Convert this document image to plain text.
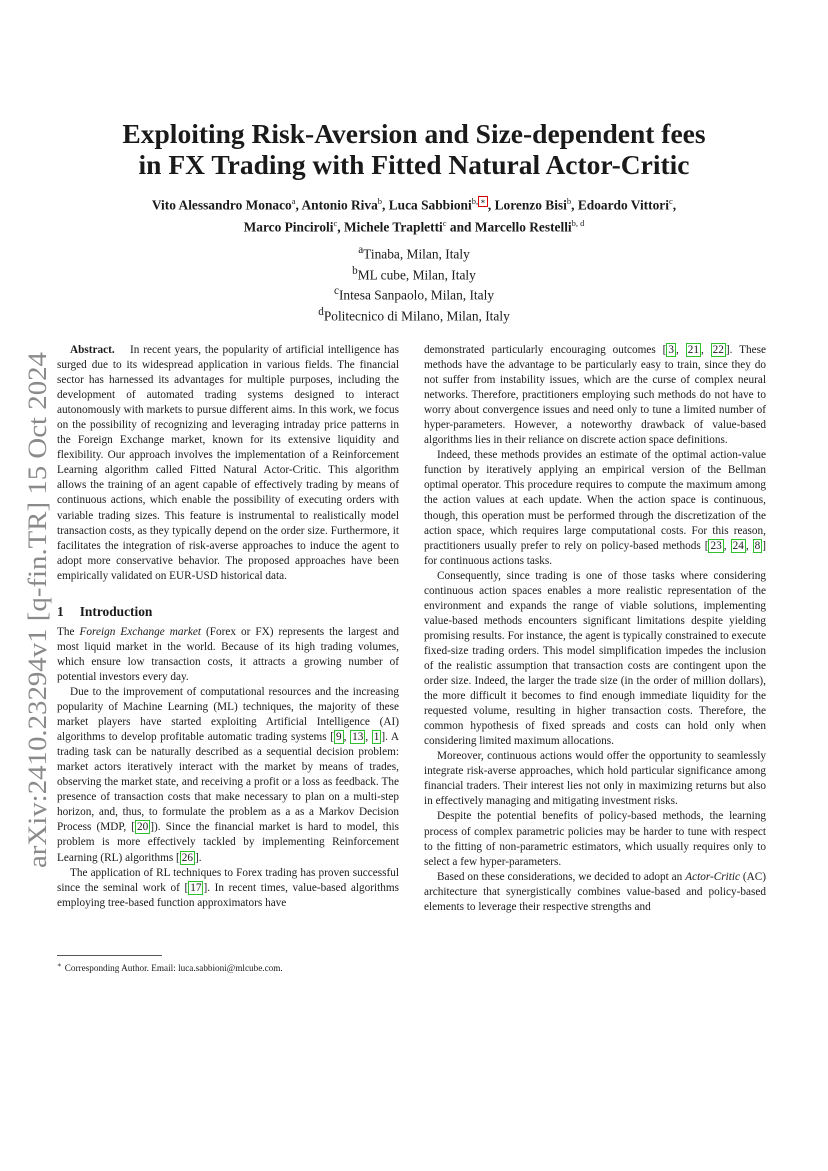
arXiv:2410.23294v1 [q-fin.TR] 15 Oct 2024
Exploiting Risk-Aversion and Size-dependent fees
in FX Trading with Fitted Natural Actor-Critic
Vito Alessandro Monaco$^a$, Antonio Riva$^b$, Luca Sabbioni$^{b,}$ ∗ , Lorenzo Bisi$^b$, Edoardo Vittori$^c$,
Marco Pinciroli$^c$, Michele Trapletti$^c$ and Marcello Restelli$^{b, d}$
$^a$Tinaba, Milan, Italy
$^b$ML cube, Milan, Italy
$^c$Intesa Sanpaolo, Milan, Italy
$^d$Politecnico di Milano, Milan, Italy

Abstract. In recent years, the popularity of artificial intelligence has surged due to its widespread application in various fields. The financial sector has harnessed its advantages for multiple purposes, including the development of automated trading systems designed to interact autonomously with markets to pursue different aims. In this work, we focus on the possibility of recognizing and leveraging intraday price patterns in the Foreign Exchange market, known for its extensive liquidity and flexibility. Our approach involves the implementation of a Reinforcement Learning algorithm called Fitted Natural Actor-Critic. This algorithm allows the training of an agent capable of effectively trading by means of continuous actions, which enable the possibility of executing orders with variable trading sizes. This feature is instrumental to realistically model transaction costs, as they typically depend on the order size. Furthermore, it facilitates the integration of risk-averse approaches to induce the agent to adopt more conservative behavior. The proposed approaches have been empirically validated on EUR-USD historical data.

1 Introduction

The Foreign Exchange market (Forex or FX) represents the largest and most liquid market in the world. Because of its high trading volumes, which ensure low transaction costs, it attracts a growing number of potential investors every day.

Due to the improvement of computational resources and the increasing popularity of Machine Learning (ML) techniques, the majority of these market players have started exploiting Artificial Intelligence (AI) algorithms to develop profitable automatic trading systems [ 9 , 13 , 1 ]. A trading task can be naturally described as a sequential decision problem: market actors iteratively interact with the market by means of trades, observing the market state, and receiving a profit or a loss as feedback. The presence of transaction costs that make necessary to plan on a multi-step horizon, and, thus, to formulate the problem as a as a Markov Decision Process (MDP, [ 20 ]). Since the financial market is hard to model, this problem is more effectively tackled by implementing Reinforcement Learning (RL) algorithms [ 26 ].

The application of RL techniques to Forex trading has proven successful since the seminal work of [ 17 ]. In recent times, value-based algorithms employing tree-based function approximators have

demonstrated particularly encouraging outcomes [ 3 , 21 , 22 ]. These methods have the advantage to be particularly easy to train, since they do not suffer from instability issues, which are the curse of complex neural networks. Therefore, practitioners employing such methods do not have to worry about convergence issues and need only to tune a limited number of hyper-parameters. However, a noteworthy drawback of value-based algorithms lies in their reliance on discrete action space definitions.

Indeed, these methods provides an estimate of the optimal action-value function by iteratively applying an empirical version of the Bellman optimal operator. This procedure requires to compute the maximum among the action values at each update. When the action space is continuous, though, this operation must be performed through the discretization of the action space, which requires large computational costs. For this reason, practitioners usually prefer to rely on policy-based methods [ 23 , 24 , 8 ] for continuous actions tasks.

Consequently, since trading is one of those tasks where considering continuous action spaces enables a more realistic representation of the environment and expands the range of viable solutions, implementing value-based methods encounters significant limitations despite yielding promising results. For instance, the agent is typically constrained to execute fixed-size trading orders. This model simplification impedes the inclusion of the realistic assumption that transaction costs are contingent upon the order size. Indeed, the larger the trade size (in the order of million dollars), the more difficult it becomes to find enough immediate liquidity for the requested volume, resulting in higher transaction costs. Therefore, the common hypothesis of fixed spreads and costs can hold only when considering limited maximum allocations.

Moreover, continuous actions would offer the opportunity to seamlessly integrate risk-averse approaches, which hold particular significance among financial traders. Their interest lies not only in maximizing returns but also in effectively managing and mitigating investment risks.

Despite the potential benefits of policy-based methods, the learning process of complex parametric policies may be harder to tune with respect to the fitting of non-parametric estimators, which usually requires only to select a few hyper-parameters.

Based on these considerations, we decided to adopt an Actor-Critic (AC) architecture that synergistically combines value-based and policy-based elements to leverage their respective strengths and

∗ Corresponding Author. Email: luca.sabbioni@mlcube.com.
